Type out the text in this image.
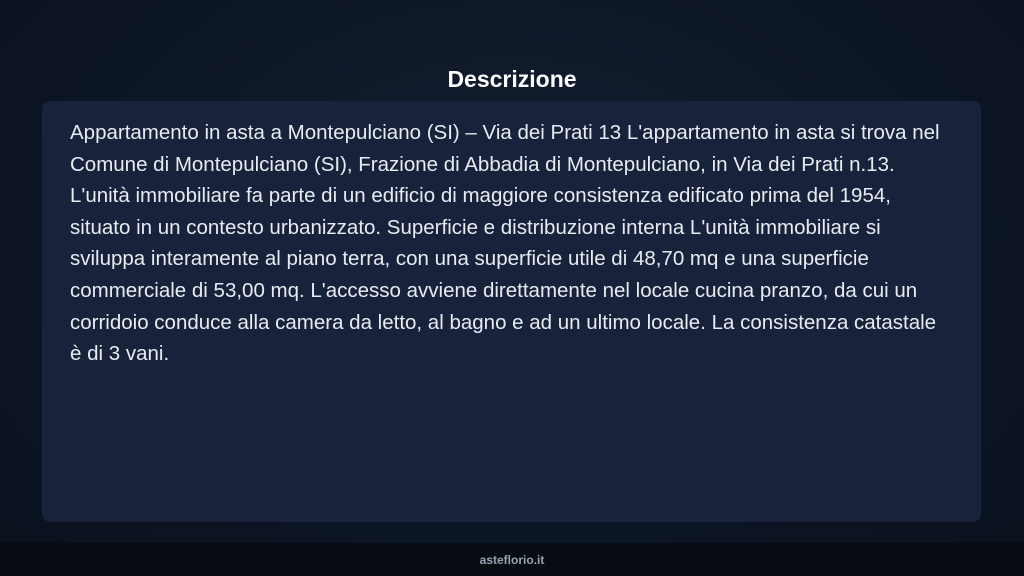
Descrizione

Appartamento in asta a Montepulciano (SI) – Via dei Prati 13 L'appartamento in asta si trova nel Comune di Montepulciano (SI), Frazione di Abbadia di Montepulciano, in Via dei Prati n.13. L'unità immobiliare fa parte di un edificio di maggiore consistenza edificato prima del 1954, situato in un contesto urbanizzato. Superficie e distribuzione interna L'unità immobiliare si sviluppa interamente al piano terra, con una superficie utile di 48,70 mq e una superficie commerciale di 53,00 mq. L'accesso avviene direttamente nel locale cucina pranzo, da cui un corridoio conduce alla camera da letto, al bagno e ad un ultimo locale. La consistenza catastale è di 3 vani.

asteflorio.it
